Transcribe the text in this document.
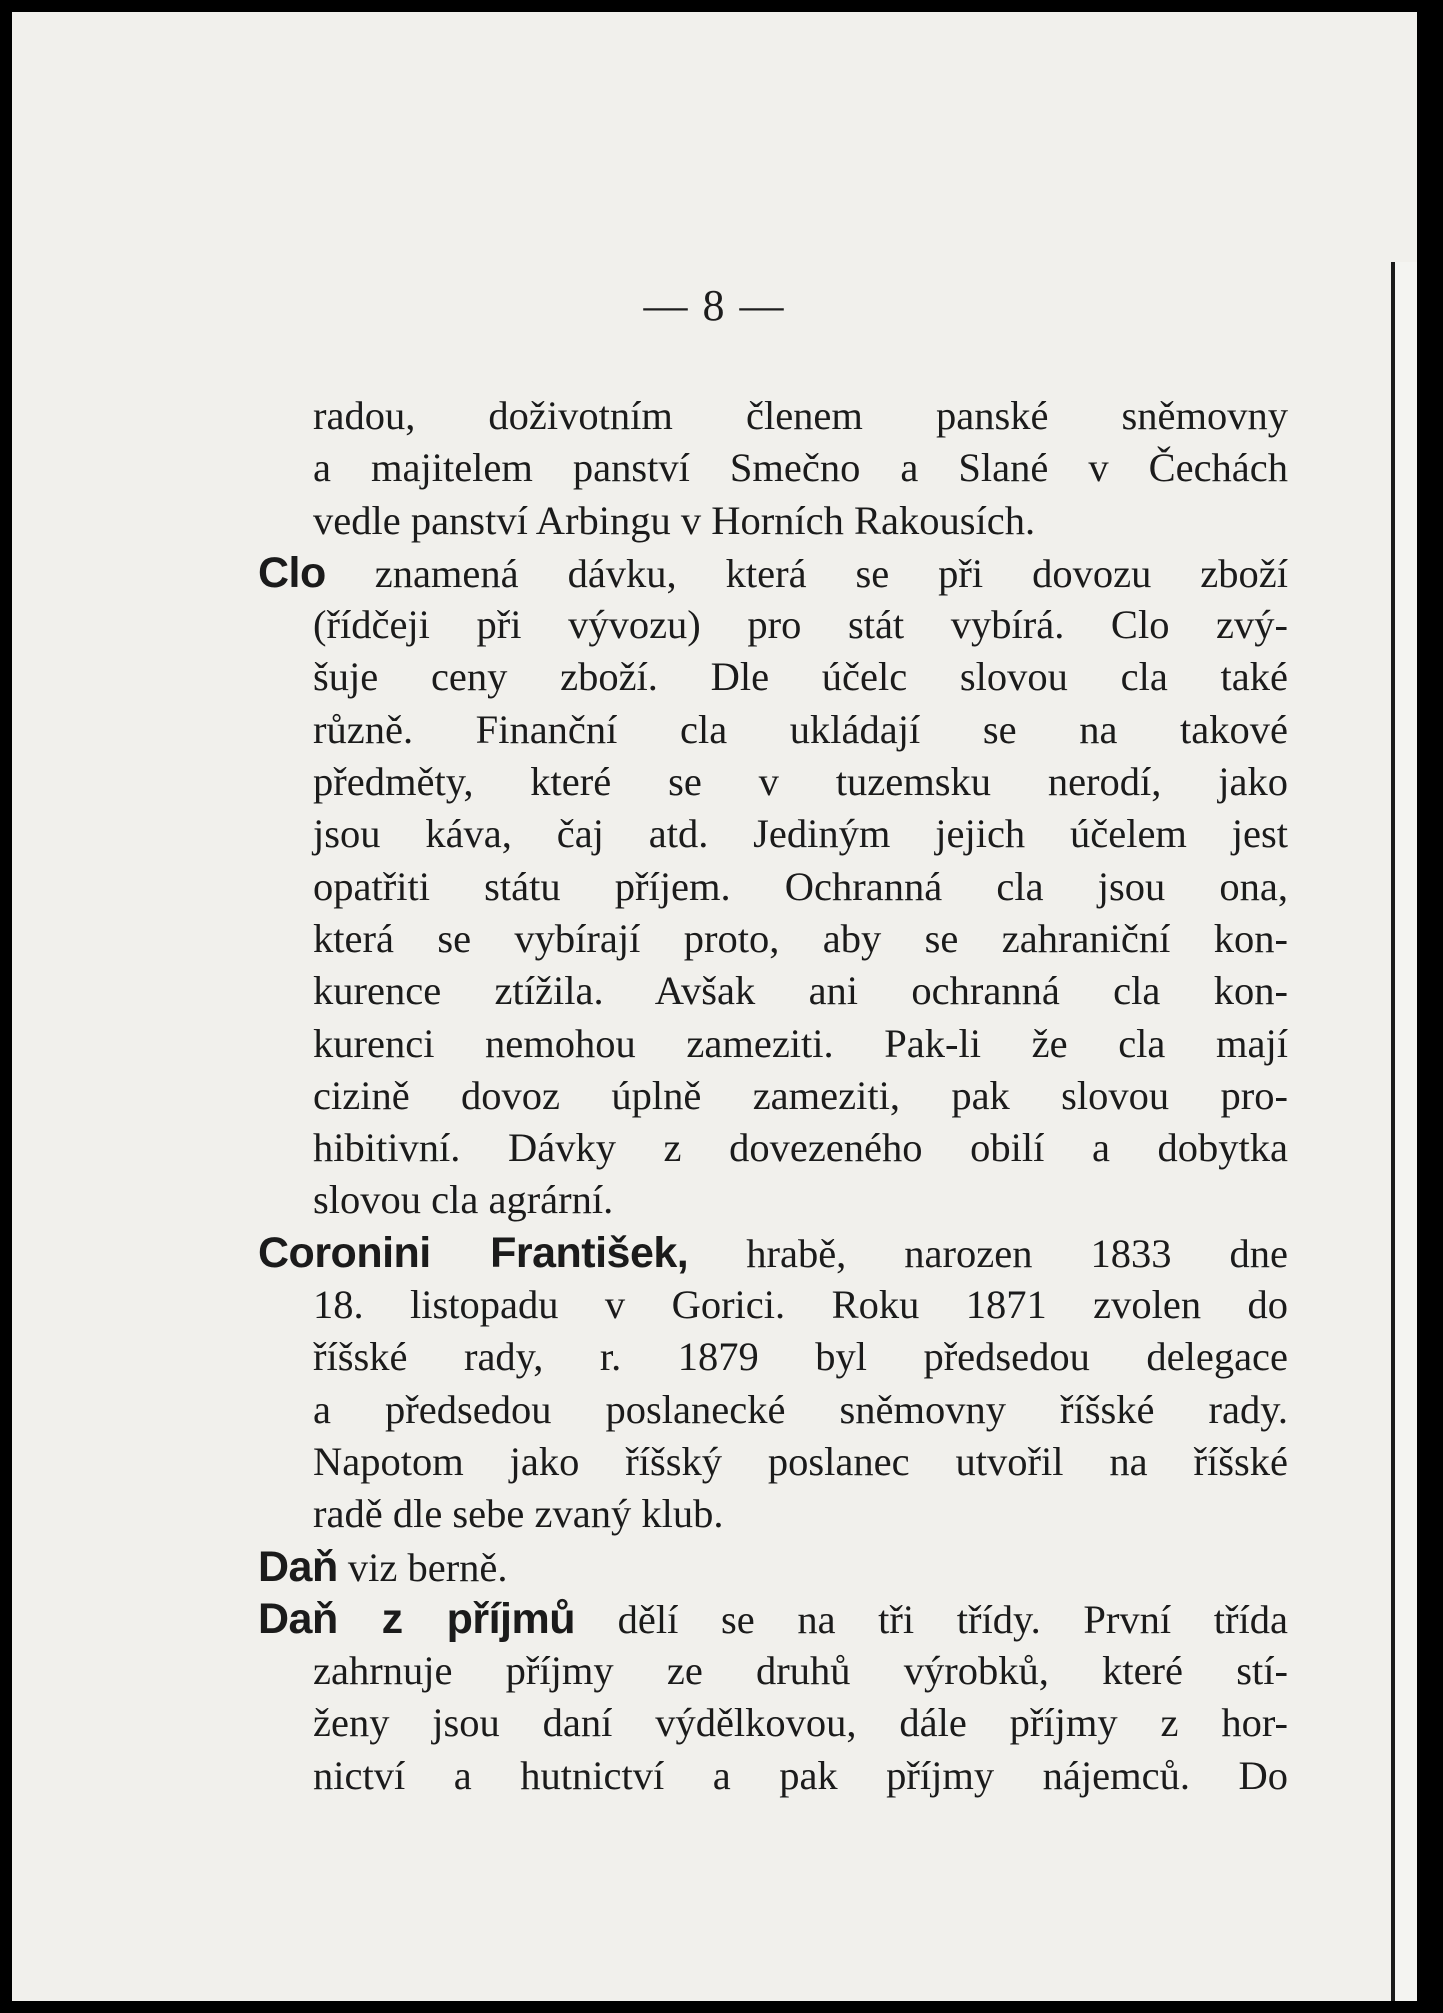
— 8 —
radou, doživotním členem panské sněmovny
a majitelem panství Smečno a Slané v Čechách
vedle panství Arbingu v Horních Rakousích.
Clo znamená dávku, která se při dovozu zboží
(řídčeji při vývozu) pro stát vybírá. Clo zvý-
šuje ceny zboží. Dle účelc slovou cla také
různě. Finanční cla ukládají se na takové
předměty, které se v tuzemsku nerodí, jako
jsou káva, čaj atd. Jediným jejich účelem jest
opatřiti státu příjem. Ochranná cla jsou ona,
která se vybírají proto, aby se zahraniční kon-
kurence ztížila. Avšak ani ochranná cla kon-
kurenci nemohou zameziti. Pak-li že cla mají
cizině dovoz úplně zameziti, pak slovou pro-
hibitivní. Dávky z dovezeného obilí a dobytka
slovou cla agrární.
Coronini František, hrabě, narozen 1833 dne
18. listopadu v Gorici. Roku 1871 zvolen do
říšské rady, r. 1879 byl předsedou delegace
a předsedou poslanecké sněmovny říšské rady.
Napotom jako říšský poslanec utvořil na říšské
radě dle sebe zvaný klub.
Daň viz berně.
Daň z příjmů dělí se na tři třídy. První třída
zahrnuje příjmy ze druhů výrobků, které stí-
ženy jsou daní výdělkovou, dále příjmy z hor-
nictví a hutnictví a pak příjmy nájemců. Do
